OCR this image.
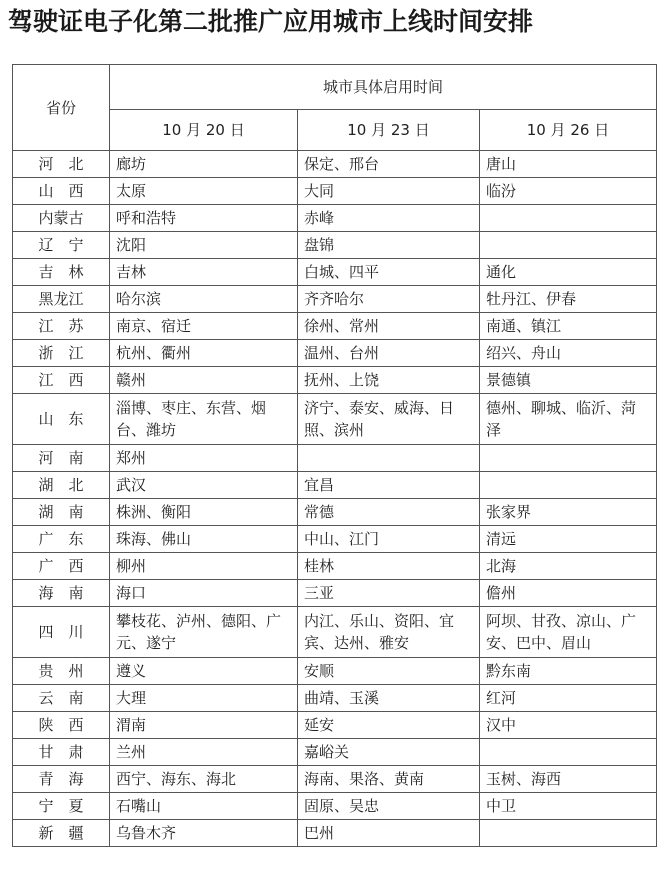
驾驶证电子化第二批推广应用城市上线时间安排
省份	城市具体启用时间		
	10 月 20 日	10 月 23 日	10 月 26 日
河　北	廊坊	保定、邢台	唐山
山　西	太原	大同	临汾
内蒙古	呼和浩特	赤峰	
辽　宁	沈阳	盘锦	
吉　林	吉林	白城、四平	通化
黑龙江	哈尔滨	齐齐哈尔	牡丹江、伊春
江　苏	南京、宿迁	徐州、常州	南通、镇江
浙　江	杭州、衢州	温州、台州	绍兴、舟山
江　西	赣州	抚州、上饶	景德镇
山　东	淄博、枣庄、东营、烟台、潍坊	济宁、泰安、威海、日照、滨州	德州、聊城、临沂、菏泽
河　南	郑州		
湖　北	武汉	宜昌	
湖　南	株洲、衡阳	常德	张家界
广　东	珠海、佛山	中山、江门	清远
广　西	柳州	桂林	北海
海　南	海口	三亚	儋州
四　川	攀枝花、泸州、德阳、广元、遂宁	内江、乐山、资阳、宜宾、达州、雅安	阿坝、甘孜、凉山、广安、巴中、眉山
贵　州	遵义	安顺	黔东南
云　南	大理	曲靖、玉溪	红河
陕　西	渭南	延安	汉中
甘　肃	兰州	嘉峪关	
青　海	西宁、海东、海北	海南、果洛、黄南	玉树、海西
宁　夏	石嘴山	固原、吴忠	中卫
新　疆	乌鲁木齐	巴州	
